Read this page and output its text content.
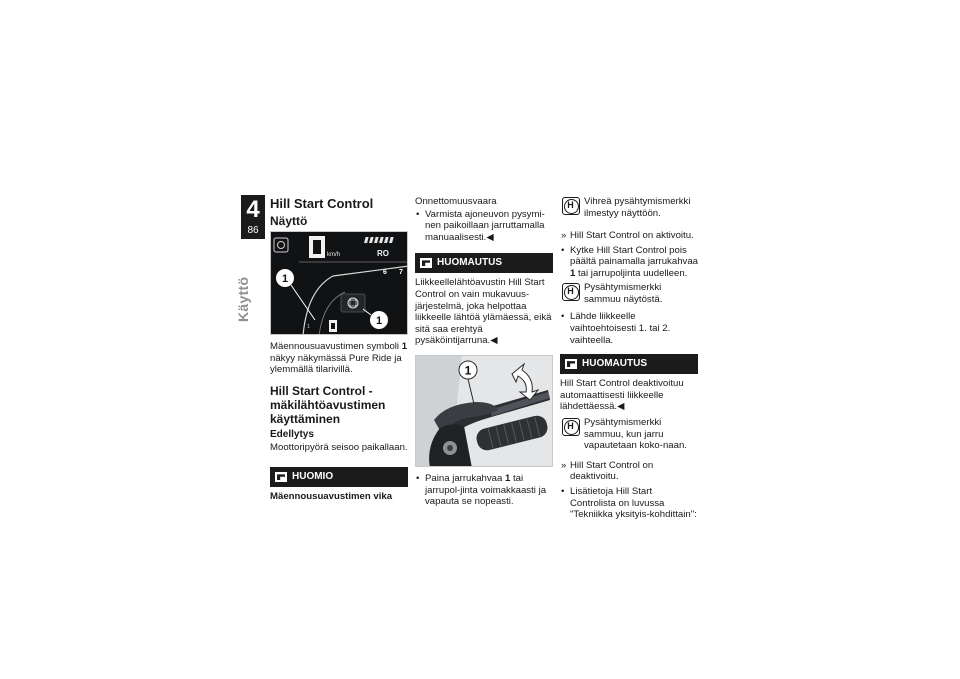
4
86
Käyttö
Hill Start Control
Näyttö
km/h	RO
6 7
1
1
1

Mäennousuavustimen symboli 1 näkyy näkymässä Pure Ride ja ylemmällä tilarivillä.

Hill Start Control - mäkilähtöavustimen käyttäminen
Edellytys

Moottoripyörä seisoo paikallaan.

HUOMIO

Mäennousuavustimen vika

Onnettomuusvaara

• Varmista ajoneuvon pysymi-nen paikoillaan jarruttamalla manuaalisesti.◀
HUOMAUTUS

Liikkeellelähtöavustin Hill Start Control on vain mukavuus-järjestelmä, joka helpottaa liikkeelle lähtöä ylämäessä, eikä sitä saa erehtyä pysäköintijarruna.◀

1
• Paina jarrukahvaa 1 tai jarrupol-jinta voimakkaasti ja vapauta se nopeasti.
H	Vihreä pysähtymismerkki ilmestyy näyttöön.
» Hill Start Control on aktivoitu.
• Kytke Hill Start Control pois päältä painamalla jarrukahvaa 1 tai jarrupoljinta uudelleen.
H	Pysähtymismerkki sammuu näytöstä.
• Lähde liikkeelle vaihtoehtoisesti 1. tai 2. vaihteella.
HUOMAUTUS

Hill Start Control deaktivoituu automaattisesti liikkeelle lähdettäessä.◀

H	Pysähtymismerkki sammuu, kun jarru vapautetaan koko-naan.
» Hill Start Control on deaktivoitu.
• Lisätietoja Hill Start Controlista on luvussa "Tekniikka yksityis-kohdittain":
